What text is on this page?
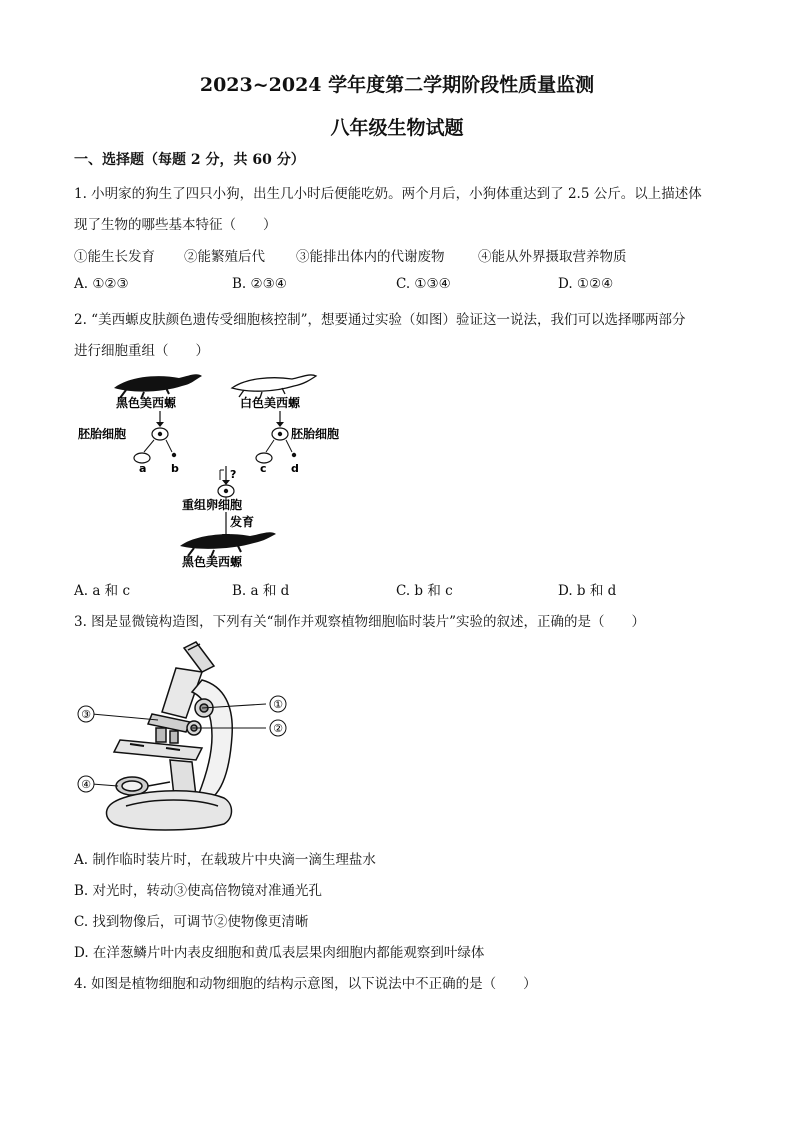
2023~2024 学年度第二学期阶段性质量监测
八年级生物试题
一、选择题（每题 2 分，共 60 分）
1. 小明家的狗生了四只小狗，出生几小时后便能吃奶。两个月后，小狗体重达到了 2.5 公斤。以上描述体
现了生物的哪些基本特征（　　）
①能生长发育 ②能繁殖后代 ③能排出体内的代谢废物 ④能从外界摄取营养物质
A. ①②③	B. ②③④	C. ①③④	D. ①②④
2. “美西螈皮肤颜色遗传受细胞核控制”，想要通过实验（如图）验证这一说法，我们可以选择哪两部分
进行细胞重组（　　）
黑色美西螈
胚胎细胞
a b
白色美西螈
胚胎细胞
c d
?
重组卵细胞
发育
黑色美西螈
A. a 和 c	B. a 和 d	C. b 和 c	D. b 和 d
3. 图是显微镜构造图，下列有关“制作并观察植物细胞临时装片”实验的叙述，正确的是（　　）
①
②
③
④
A. 制作临时装片时，在载玻片中央滴一滴生理盐水
B. 对光时，转动③使高倍物镜对准通光孔
C. 找到物像后，可调节②使物像更清晰
D. 在洋葱鳞片叶内表皮细胞和黄瓜表层果肉细胞内都能观察到叶绿体
4. 如图是植物细胞和动物细胞的结构示意图，以下说法中不正确的是（　　）
